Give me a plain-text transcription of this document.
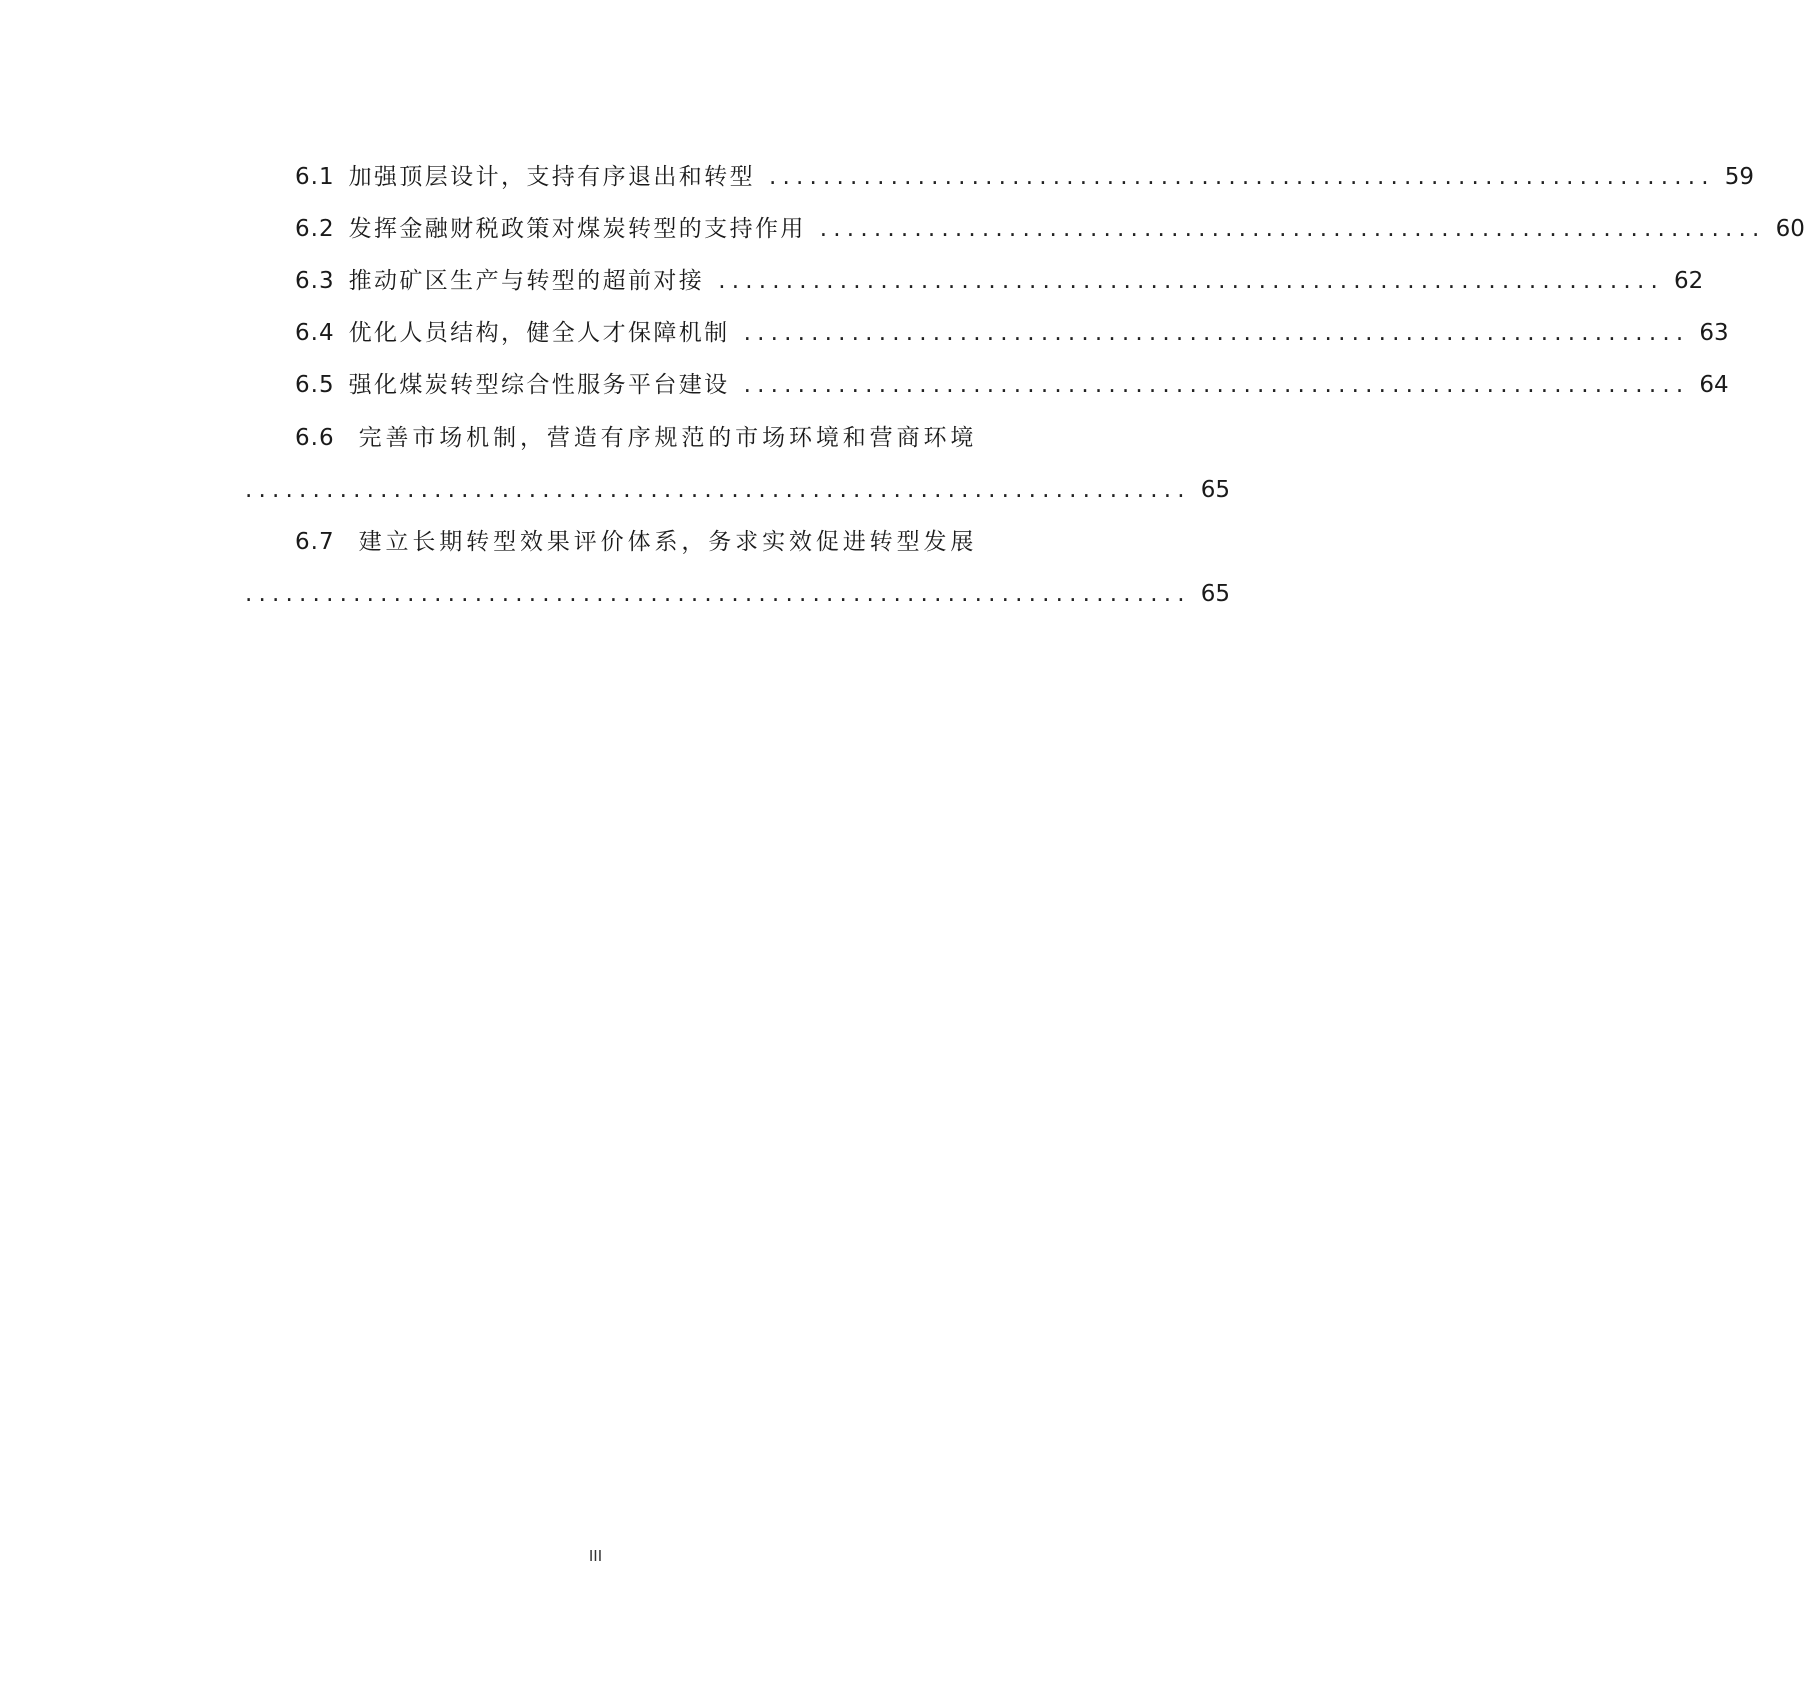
6.1 加强顶层设计，支持有序退出和转型 ...................................................................... 59
6.2 发挥金融财税政策对煤炭转型的支持作用 ...................................................................... 60
6.3 推动矿区生产与转型的超前对接 ...................................................................... 62
6.4 优化人员结构，健全人才保障机制 ...................................................................... 63
6.5 强化煤炭转型综合性服务平台建设 ...................................................................... 64
6.6 完善市场机制，营造有序规范的市场环境和营商环境
...................................................................... 65
6.7 建立长期转型效果评价体系，务求实效促进转型发展
...................................................................... 65
III
